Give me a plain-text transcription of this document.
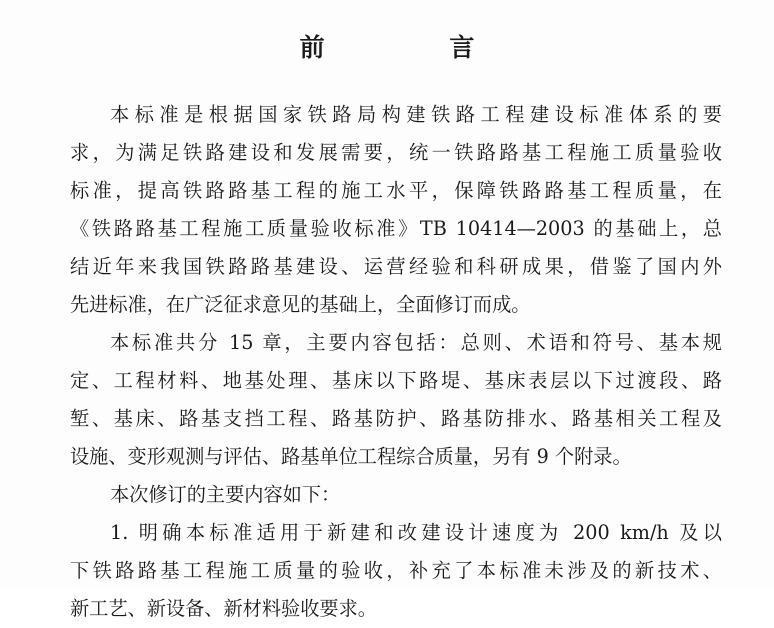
前 言
本标准是根据国家铁路局构建铁路工程建设标准体系的要
求，为满足铁路建设和发展需要，统一铁路路基工程施工质量验收
标准，提高铁路路基工程的施工水平，保障铁路路基工程质量，在
《铁路路基工程施工质量验收标准》TB 10414—2003 的基础上，总
结近年来我国铁路路基建设、运营经验和科研成果，借鉴了国内外
先进标准，在广泛征求意见的基础上，全面修订而成。
本标准共分 15 章，主要内容包括：总则、术语和符号、基本规
定、工程材料、地基处理、基床以下路堤、基床表层以下过渡段、路
堑、基床、路基支挡工程、路基防护、路基防排水、路基相关工程及
设施、变形观测与评估、路基单位工程综合质量，另有 9 个附录。
本次修订的主要内容如下：
1. 明确本标准适用于新建和改建设计速度为 200 km/h 及以
下铁路路基工程施工质量的验收，补充了本标准未涉及的新技术、
新工艺、新设备、新材料验收要求。
